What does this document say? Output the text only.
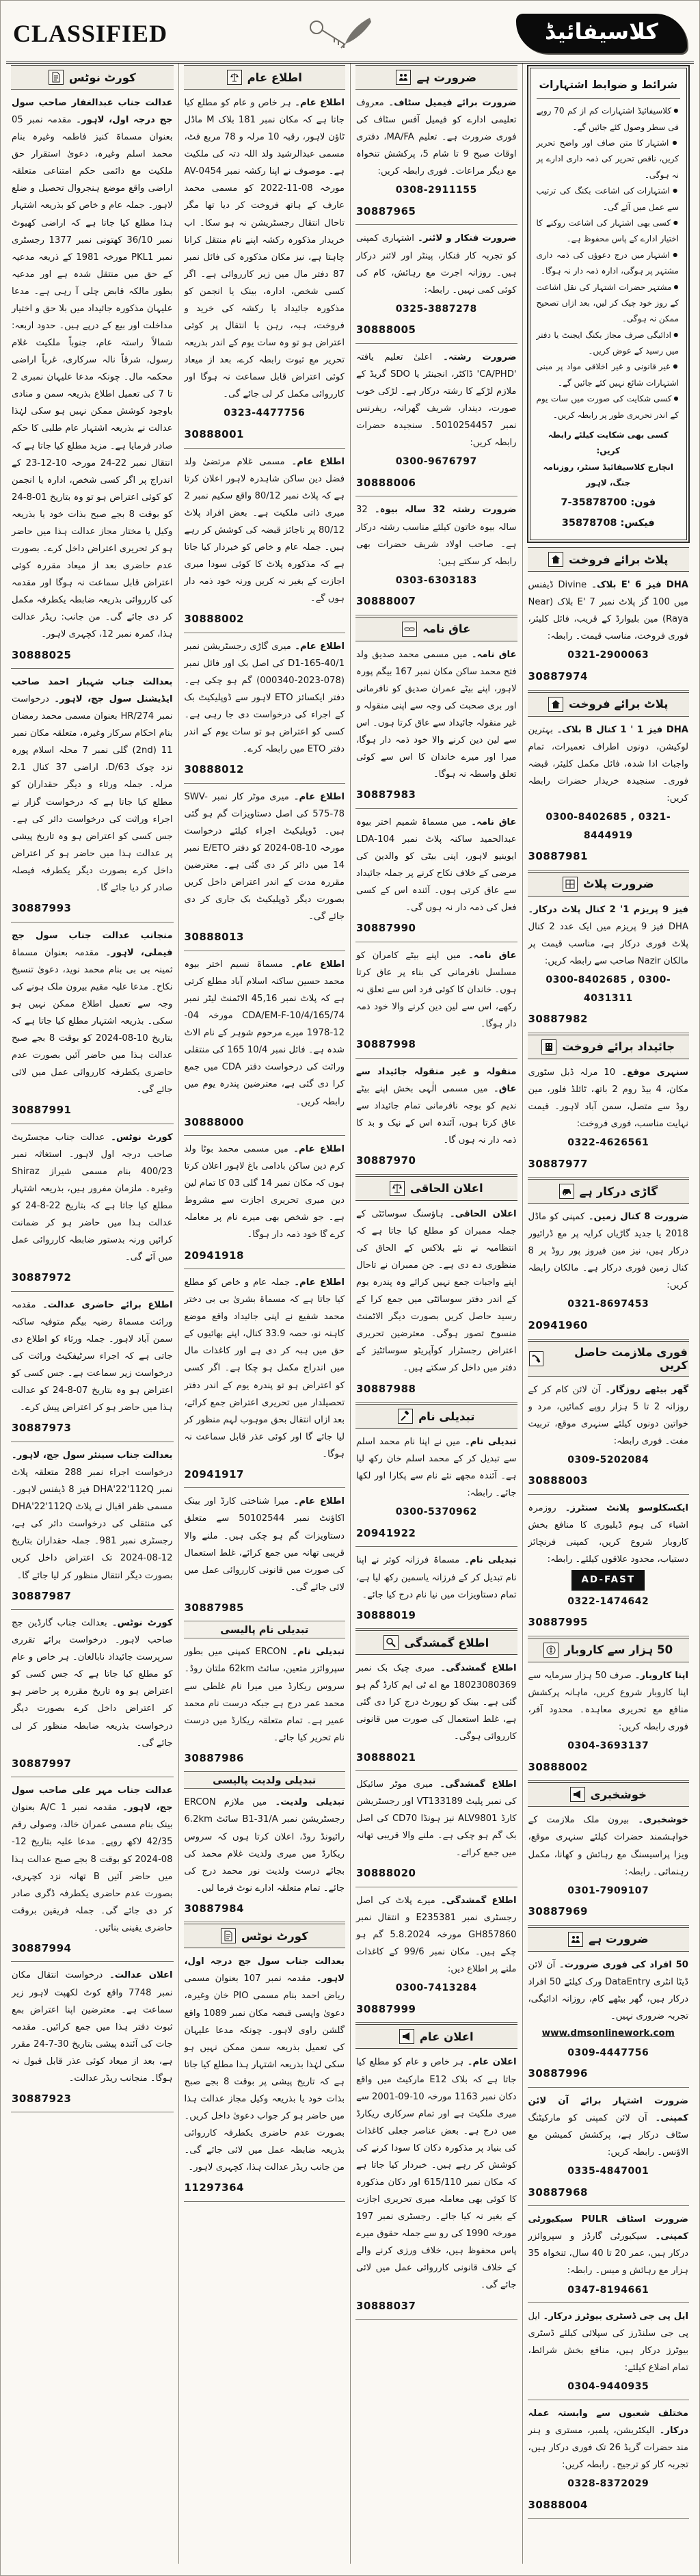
CLASSIFIED	کلاسیفائیڈ
کورٹ نوٹس

عدالت جناب عبدالغفار صاحب سول جج درجہ اول، لاہور۔ مقدمہ نمبر 05 بعنوان مسماۃ کنیز فاطمہ وغیرہ بنام محمد اسلم وغیرہ، دعویٰ استقرار حق ملکیت مع دائمی حکم امتناعی متعلقہ اراضی واقع موضع ہنجروال تحصیل و ضلع لاہور۔ جملہ عام و خاص کو بذریعہ اشتہار ہذا مطلع کیا جاتا ہے کہ اراضی کھیوٹ نمبر 36/10 کھتونی نمبر 1377 رجسٹری نمبر PKL1 مورخہ 1981 کے ذریعہ مدعیہ کے حق میں منتقل شدہ ہے اور مدعیہ بطور مالکہ قابض چلی آ رہی ہے۔ مدعا علیہان مذکورہ جائیداد میں بلا حق و اختیار مداخلت اور بیع کے درپے ہیں۔ حدود اربعہ: شمالاً راستہ عام، جنوباً ملکیت غلام رسول، شرقاً نالہ سرکاری، غرباً اراضی محکمہ مال۔ چونکہ مدعا علیہان نمبری 2 تا 7 کی تعمیل اطلاع بذریعہ سمن و منادی باوجود کوشش ممکن نہیں ہو سکی لہٰذا عدالت نے بذریعہ اشتہار عام طلبی کا حکم صادر فرمایا ہے۔ مزید مطلع کیا جاتا ہے کہ انتقال نمبر 22-24 مورخہ 10-12-23 کے اندراج پر اگر کسی شخص، ادارہ یا انجمن کو کوئی اعتراض ہو تو وہ بتاریخ 01-8-24 کو بوقت 8 بجے صبح بذات خود یا بذریعہ وکیل یا مختار مجاز عدالت ہذا میں حاضر ہو کر تحریری اعتراض داخل کرے۔ بصورت عدم حاضری بعد از میعاد مقررہ کوئی اعتراض قابل سماعت نہ ہوگا اور مقدمہ کی کارروائی بذریعہ ضابطہ یکطرفہ مکمل کر دی جائے گی۔ من جانب: ریڈر عدالت ہذا، کمرہ نمبر 12، کچہری لاہور۔

30888025

بعدالت جناب شہباز احمد صاحب ایڈیشنل سول جج، لاہور۔ درخواست نمبر 274/HR بعنوان مسمی محمد رمضان بنام احکام سرکار وغیرہ، متعلقہ مکان نمبر 11 (2nd) گلی نمبر 7 محلہ اسلام پورہ نزد چوک 63/D، اراضی 37 کنال 2،1 مرلہ۔ جملہ ورثاء و دیگر حقداران کو مطلع کیا جاتا ہے کہ درخواست گزار نے اجراء وراثت کی درخواست دائر کی ہے۔ جس کسی کو اعتراض ہو وہ تاریخ پیشی پر عدالت ہذا میں حاضر ہو کر اعتراض داخل کرے بصورت دیگر یکطرفہ فیصلہ صادر کر دیا جائے گا۔

30887993

منجانب عدالت جناب سول جج فیملی، لاہور۔ مقدمہ بعنوان مسماۃ ثمینہ بی بی بنام محمد نوید، دعویٰ تنسیخ نکاح۔ مدعا علیہ مقیم بیرون ملک ہونے کی وجہ سے تعمیل اطلاع ممکن نہیں ہو سکی۔ بذریعہ اشتہار مطلع کیا جاتا ہے کہ بتاریخ 10-08-2024 کو بوقت 8 بجے صبح عدالت ہذا میں حاضر آئیں بصورت عدم حاضری یکطرفہ کارروائی عمل میں لائی جائے گی۔

30887991

کورٹ نوٹس۔ عدالت جناب مجسٹریٹ صاحب درجہ اول لاہور۔ استغاثہ نمبر 400/23 بنام مسمی شیراز Shiraz وغیرہ۔ ملزمان مفرور ہیں، بذریعہ اشتہار مطلع کیا جاتا ہے کہ بتاریخ 22-8-24 کو عدالت ہذا میں حاضر ہو کر ضمانت کرائیں ورنہ بدستور ضابطہ کارروائی عمل میں آئے گی۔

30887972

اطلاع برائے حاضری عدالت۔ مقدمہ وراثت مسماۃ رضیہ بیگم متوفیہ ساکنہ سمن آباد لاہور۔ جملہ ورثاء کو اطلاع دی جاتی ہے کہ اجراء سرٹیفکیٹ وراثت کی درخواست زیر سماعت ہے۔ جس کسی کو اعتراض ہو وہ بتاریخ 07-8-24 کو عدالت ہذا میں حاضر ہو کر اعتراض پیش کرے۔

30887973

بعدالت جناب سینئر سول جج، لاہور۔ درخواست اجراء نمبر 288 متعلقہ پلاٹ نمبر DHA'22'112Q فیز 8 ڈیفنس لاہور۔ مسمی ظفر اقبال نے پلاٹ DHA'22'112Q کی منتقلی کی درخواست دائر کی ہے، رجسٹری نمبر 981۔ جملہ حقداران بتاریخ 12-08-2024 تک اعتراض داخل کریں بصورت دیگر انتقال منظور کر لیا جائے گا۔

30887987

کورٹ نوٹس۔ بعدالت جناب گارڈین جج صاحب لاہور۔ درخواست برائے تقرری سرپرست جائیداد نابالغان۔ ہر خاص و عام کو مطلع کیا جاتا ہے کہ جس کسی کو اعتراض ہو وہ تاریخ مقررہ پر حاضر ہو کر اعتراض داخل کرے بصورت دیگر درخواست بذریعہ ضابطہ منظور کر لی جائے گی۔

30887997

عدالت جناب مہر علی صاحب سول جج، لاہور۔ مقدمہ نمبر A/C 1 بعنوان بینک بنام مسمی عمران خالد، وصولی رقم 42/35 لاکھ روپے۔ مدعا علیہ بتاریخ 12-08-2024 کو بوقت 8 بجے صبح عدالت ہذا میں حاضر آئیں B تھانہ نزد کچہری، بصورت عدم حاضری یکطرفہ ڈگری صادر کر دی جائے گی۔ جملہ فریقین بروقت حاضری یقینی بنائیں۔

30887994

اعلان عدالت۔ درخواست انتقال مکان نمبر 7748 واقع کوٹ لکھپت لاہور زیر سماعت ہے۔ معترضین اپنا اعتراض بمع ثبوت دفتر ہذا میں جمع کرائیں۔ مقدمہ جات کی آئندہ پیشی بتاریخ 30-7-24 مقرر ہے، بعد از میعاد کوئی عذر قابل قبول نہ ہوگا۔ منجانب ریڈر عدالت۔

30887923
اطلاع عام

اطلاع عام۔ ہر خاص و عام کو مطلع کیا جاتا ہے کہ مکان نمبر 181 بلاک M ماڈل ٹاؤن لاہور، رقبہ 10 مرلہ و 78 مربع فٹ، مسمی عبدالرشید ولد اللہ دتہ کی ملکیت ہے۔ موصوف نے اپنا رکشہ نمبر AV-0454 مورخہ 08-11-2022 کو مسمی محمد عارف کے ہاتھ فروخت کر دیا تھا مگر تاحال انتقال رجسٹریشن نہ ہو سکا۔ اب خریدار مذکورہ رکشہ اپنے نام منتقل کرانا چاہتا ہے، نیز مکان مذکورہ کی فائل نمبر 87 دفتر مال میں زیر کارروائی ہے۔ اگر کسی شخص، ادارہ، بینک یا انجمن کو مذکورہ جائیداد یا رکشہ کی خرید و فروخت، ہبہ، رہن یا انتقال پر کوئی اعتراض ہو تو وہ سات یوم کے اندر بذریعہ تحریر مع ثبوت رابطہ کرے، بعد از میعاد کوئی اعتراض قابل سماعت نہ ہوگا اور کارروائی مکمل کر لی جائے گی۔

0323-4477756
30888001

اطلاع عام۔ مسمی غلام مرتضیٰ ولد فضل دین ساکن شاہدرہ لاہور اعلان کرتا ہے کہ پلاٹ نمبر 80/12 واقع سکیم نمبر 2 میری ذاتی ملکیت ہے۔ بعض افراد پلاٹ 80/12 پر ناجائز قبضہ کی کوشش کر رہے ہیں۔ جملہ عام و خاص کو خبردار کیا جاتا ہے کہ مذکورہ پلاٹ کا کوئی سودا میری اجازت کے بغیر نہ کریں ورنہ خود ذمہ دار ہوں گے۔

30888002

اطلاع عام۔ میری گاڑی رجسٹریشن نمبر D1-165-40/1 کی اصل بک اور فائل نمبر (078-2023-000340) گم ہو چکی ہے۔ دفتر ایکسائز ETO لاہور سے ڈوپلیکیٹ بک کے اجراء کی درخواست دی جا رہی ہے۔ کسی کو اعتراض ہو تو سات یوم کے اندر دفتر ETO میں رابطہ کرے۔

30888012

اطلاع عام۔ میری موٹر کار نمبر SWV-575-78 کی اصل دستاویزات گم ہو گئی ہیں۔ ڈوپلیکیٹ اجراء کیلئے درخواست مورخہ 10-08-2024 کو دفتر E/ETO نمبر 14 میں دائر کر دی گئی ہے۔ معترضین مقررہ مدت کے اندر اعتراض داخل کریں بصورت دیگر ڈوپلیکیٹ بک جاری کر دی جائے گی۔

30888013

اطلاع عام۔ مسماۃ نسیم اختر بیوہ محمد حسین ساکنہ اسلام آباد مطلع کرتی ہے کہ پلاٹ نمبر 45,16 الاٹمنٹ لیٹر نمبر CDA/EM-F-10/4/165/74 مورخہ 04-12-1978 میرے مرحوم شوہر کے نام الاٹ شدہ ہے۔ فائل نمبر 10/4 165 کی منتقلی وراثت کی درخواست دفتر CDA میں جمع کرا دی گئی ہے، معترضین پندرہ یوم میں رابطہ کریں۔

30888000

اطلاع عام۔ میں مسمی محمد بوٹا ولد کرم دین ساکن بادامی باغ لاہور اعلان کرتا ہوں کہ مکان نمبر 14 گلی 03 کا تمام لین دین میری تحریری اجازت سے مشروط ہے۔ جو شخص بھی میرے نام پر معاملہ کرے گا خود ذمہ دار ہوگا۔

20941918

اطلاع عام۔ جملہ عام و خاص کو مطلع کیا جاتا ہے کہ مسماۃ بشریٰ بی بی دختر محمد شفیع نے اپنی جائیداد واقع موضع کاہنہ نو، حصہ 33.9 کنال، اپنے بھائیوں کے حق میں ہبہ کر دی ہے اور کاغذات مال میں اندراج مکمل ہو چکا ہے۔ اگر کسی کو اعتراض ہو تو پندرہ یوم کے اندر دفتر تحصیلدار میں تحریری اعتراض جمع کرائے، بعد ازاں انتقال بحق موہوب لہم منظور کر لیا جائے گا اور کوئی عذر قابل سماعت نہ ہوگا۔

20941917

اطلاع عام۔ میرا شناختی کارڈ اور بینک اکاؤنٹ نمبر 50102544 سے متعلق دستاویزات گم ہو چکی ہیں۔ ملنے والا قریبی تھانہ میں جمع کرائے، غلط استعمال کی صورت میں قانونی کارروائی عمل میں لائی جائے گی۔

30887985
تبدیلی نام پالیسی

تبدیلی نام۔ ERCON کمپنی میں بطور سپروائزر متعین، سائٹ 62km ملتان روڈ۔ سروس ریکارڈ میں میرا نام غلطی سے محمد عمر درج ہے جبکہ درست نام محمد عمیر ہے۔ تمام متعلقہ ریکارڈ میں درست نام تحریر کیا جائے۔

30887986
تبدیلی ولدیت پالیسی

تبدیلی ولدیت۔ میں ملازم ERCON رجسٹریشن نمبر B1-31/A سائٹ 6.2km رائیونڈ روڈ، اعلان کرتا ہوں کہ سروس ریکارڈ میں میری ولدیت غلام محمد کی بجائے درست ولدیت نور محمد درج کی جائے۔ تمام متعلقہ ادارے نوٹ فرما لیں۔

30887984
کورٹ نوٹس

بعدالت جناب سول جج درجہ اول، لاہور۔ مقدمہ نمبر 107 بعنوان مسمی ریاض احمد بنام مسمی PIO خان وغیرہ، دعویٰ واپسی قبضہ مکان نمبر 1089 واقع گلشن راوی لاہور۔ چونکہ مدعا علیہان کی تعمیل بذریعہ سمن ممکن نہیں ہو سکی لہٰذا بذریعہ اشتہار ہذا مطلع کیا جاتا ہے کہ تاریخ پیشی پر بوقت 8 بجے صبح بذات خود یا بذریعہ وکیل مجاز عدالت ہذا میں حاضر ہو کر جواب دعویٰ داخل کریں۔ بصورت عدم حاضری یکطرفہ کارروائی بذریعہ ضابطہ عمل میں لائی جائے گی۔ من جانب ریڈر عدالت ہذا، کچہری لاہور۔

11297364
ضرورت ہے

ضرورت برائے فیمیل سٹاف۔ معروف تعلیمی ادارے کو فیمیل آفس سٹاف کی فوری ضرورت ہے۔ تعلیم MA/FA، دفتری اوقات صبح 9 تا شام 5، پرکشش تنخواہ مع دیگر مراعات۔ فوری رابطہ کریں:

0308-2911155
30887965

ضرورت فنکار و لائنر۔ اشتہاری کمپنی کو تجربہ کار فنکار، پینٹر اور لائنر درکار ہیں۔ روزانہ اجرت مع رہائش، کام کی کوئی کمی نہیں۔ رابطہ:

0325-3887278
30888005

ضرورت رشتہ۔ اعلیٰ تعلیم یافتہ 'CA/PHD' ڈاکٹر، انجینئر یا SDO گریڈ کے ملازم لڑکے کا رشتہ درکار ہے۔ لڑکی خوب صورت، دیندار، شریف گھرانہ، ریفرنس نمبر 5010254457۔ سنجیدہ حضرات رابطہ کریں:

0300-9676797
30888006

ضرورت رشتہ 32 سالہ بیوہ۔ 32 سالہ بیوہ خاتون کیلئے مناسب رشتہ درکار ہے۔ صاحب اولاد شریف حضرات بھی رابطہ کر سکتے ہیں:

0303-6303183
30888007
عاق نامہ

عاق نامہ۔ میں مسمی محمد صدیق ولد فتح محمد ساکن مکان نمبر 167 بیگم پورہ لاہور، اپنے بیٹے عمران صدیق کو نافرمانی اور بری صحبت کی وجہ سے اپنی منقولہ و غیر منقولہ جائیداد سے عاق کرتا ہوں۔ اس سے لین دین کرنے والا خود ذمہ دار ہوگا، میرا اور میرے خاندان کا اس سے کوئی تعلق واسطہ نہ ہوگا۔

30887983

عاق نامہ۔ میں مسماۃ شمیم اختر بیوہ عبدالحمید ساکنہ پلاٹ نمبر 104-LDA ایوینیو لاہور، اپنی بیٹی کو والدین کی مرضی کے خلاف نکاح کرنے پر جملہ جائیداد سے عاق کرتی ہوں۔ آئندہ اس کے کسی فعل کی ذمہ دار نہ ہوں گی۔

30887990

عاق نامہ۔ میں اپنے بیٹے کامران کو مسلسل نافرمانی کی بناء پر عاق کرتا ہوں۔ خاندان کا کوئی فرد اس سے تعلق نہ رکھے، اس سے لین دین کرنے والا خود ذمہ دار ہوگا۔

30887998

منقولہ و غیر منقولہ جائیداد سے عاق۔ میں مسمی الٰہی بخش اپنے بیٹے ندیم کو بوجہ نافرمانی تمام جائیداد سے عاق کرتا ہوں، آئندہ اس کے نیک و بد کا ذمہ دار نہ ہوں گا۔

30887970
اعلان الحاقی

اعلان الحاقی۔ ہاؤسنگ سوسائٹی کے جملہ ممبران کو مطلع کیا جاتا ہے کہ انتظامیہ نے نئے بلاکس کے الحاق کی منظوری دے دی ہے۔ جن ممبران نے تاحال اپنے واجبات جمع نہیں کرائے وہ پندرہ یوم کے اندر دفتر سوسائٹی میں جمع کرا کے رسید حاصل کریں بصورت دیگر الاٹمنٹ منسوخ تصور ہوگی۔ معترضین تحریری اعتراض رجسٹرار کوآپریٹو سوسائٹیز کے دفتر میں داخل کر سکتے ہیں۔

30887988
تبدیلی نام

تبدیلی نام۔ میں نے اپنا نام محمد اسلم سے تبدیل کر کے محمد اسلم خان رکھ لیا ہے۔ آئندہ مجھے نئے نام سے پکارا اور لکھا جائے۔ رابطہ:

0300-5370962
20941922

تبدیلی نام۔ مسماۃ فرزانہ کوثر نے اپنا نام تبدیل کر کے فرزانہ یاسمین رکھ لیا ہے، تمام دستاویزات میں نیا نام درج کیا جائے۔

30888019
اطلاع گمشدگی

اطلاع گمشدگی۔ میری چیک بک نمبر 18023080369 مع اے ٹی ایم کارڈ گم ہو گئی ہے۔ بینک کو رپورٹ درج کرا دی گئی ہے، غلط استعمال کی صورت میں قانونی کارروائی ہوگی۔

30888021

اطلاع گمشدگی۔ میری موٹر سائیکل کی نمبر پلیٹ VT133189 اور رجسٹریشن کارڈ ALV9801 نیز ہونڈا CD70 کی اصل بک گم ہو چکی ہے۔ ملنے والا قریبی تھانہ میں جمع کرائے۔

30888020

اطلاع گمشدگی۔ میرے پلاٹ کی اصل رجسٹری نمبر E235381 و انتقال نمبر GH857860 مورخہ 5.8.2024 گم ہو چکے ہیں۔ مکان نمبر 99/6 کے کاغذات ملنے پر اطلاع دیں:

0300-7413284
30887999
اعلان عام

اعلان عام۔ ہر خاص و عام کو مطلع کیا جاتا ہے کہ بلاک E12 مارکیٹ میں واقع دکان نمبر 1163 مورخہ 10-09-2001 سے میری ملکیت ہے اور تمام سرکاری ریکارڈ میں درج ہے۔ بعض عناصر جعلی کاغذات کی بنیاد پر مذکورہ دکان کا سودا کرنے کی کوشش کر رہے ہیں۔ خبردار کیا جاتا ہے کہ مکان نمبر 615/110 اور دکان مذکورہ کا کوئی بھی معاملہ میری تحریری اجازت کے بغیر نہ کیا جائے۔ رجسٹری نمبر 197 مورخہ 1990 کی رو سے جملہ حقوق میرے پاس محفوظ ہیں، خلاف ورزی کرنے والے کے خلاف قانونی کارروائی عمل میں لائی جائے گی۔

30888037
شرائط و ضوابط اشتہارات
● کلاسیفائیڈ اشتہارات کم از کم 70 روپے فی سطر وصول کئے جائیں گے۔
● اشتہار کا متن صاف اور واضح تحریر کریں، ناقص تحریر کی ذمہ داری ادارے پر نہ ہوگی۔
● اشتہارات کی اشاعت بکنگ کی ترتیب سے عمل میں آئے گی۔
● کسی بھی اشتہار کی اشاعت روکنے کا اختیار ادارے کے پاس محفوظ ہے۔
● اشتہار میں درج دعوؤں کی ذمہ داری مشتہر پر ہوگی، ادارہ ذمہ دار نہ ہوگا۔
● مشتہر حضرات اشتہار کی نقل اشاعت کے روز خود چیک کر لیں، بعد ازاں تصحیح ممکن نہ ہوگی۔
● ادائیگی صرف مجاز بکنگ ایجنٹ یا دفتر میں رسید کے عوض کریں۔
● غیر قانونی و غیر اخلاقی مواد پر مبنی اشتہارات شائع نہیں کئے جائیں گے۔
● کسی شکایت کی صورت میں سات یوم کے اندر تحریری طور پر رابطہ کریں۔
کسی بھی شکایت کیلئے رابطہ کریں:
انچارج کلاسیفائیڈ سنٹر، روزنامہ جنگ، لاہور
فون: 35878700-7
فیکس: 35878708
پلاٹ برائے فروخت

DHA فیز 6 'E بلاک۔ Divine ڈیفنس میں 100 گز پلاٹ نمبر 7 'E بلاک (Near Raya) مین بلیوارڈ کے قریب، فائل کلیئر، فوری فروخت، مناسب قیمت۔ رابطہ:

0321-2900063
30887974
پلاٹ برائے فروخت

DHA فیز 1 ' 1 کنال B بلاک۔ بہترین لوکیشن، دونوں اطراف تعمیرات، تمام واجبات ادا شدہ، فائل مکمل کلیئر، قبضہ فوری۔ سنجیدہ خریدار حضرات رابطہ کریں:

0300-8402685 , 0321-8444919
30887981
ضرورت پلاٹ

فیز 9 پریزم 1' 2 کنال پلاٹ درکار۔ DHA فیز 9 پریزم میں ایک عدد 2 کنال پلاٹ فوری درکار ہے، مناسب قیمت پر مالکان Nazir صاحب سے رابطہ کریں:

0300-8402685 , 0300-4031311
30887982
جائیداد برائے فروخت

سنہری موقع۔ 10 مرلہ ڈبل سٹوری مکان، 4 بیڈ روم 2 باتھ، ٹائلڈ فلور، مین روڈ سے متصل، سمن آباد لاہور۔ قیمت نہایت مناسب، فوری فروخت:

0322-4626561
30887977
گاڑی درکار ہے

ضرورت 8 کنال زمین۔ کمپنی کو ماڈل 2018 یا جدید گاڑیاں کرایہ پر مع ڈرائیور درکار ہیں، نیز مین فیروز پور روڈ پر 8 کنال زمین فوری درکار ہے۔ مالکان رابطہ کریں:

0321-8697453
20941960
فوری ملازمت حاصل کریں

گھر بیٹھے روزگار۔ آن لائن کام کر کے روزانہ 2 تا 5 ہزار روپے کمائیں، مرد و خواتین دونوں کیلئے سنہری موقع، تربیت مفت۔ فوری رابطہ:

0309-5202084
30888003

ایکسکلوسو پلانٹ سنٹرز۔ روزمرہ اشیاء کی ہوم ڈیلیوری کا منافع بخش کاروبار شروع کریں، کمپنی فرنچائز دستیاب، محدود علاقوں کیلئے۔ رابطہ:

AD-FAST
0322-1474642
30887995
50 ہزار سے کاروبار

اپنا کاروبار۔ صرف 50 ہزار سرمایہ سے اپنا کاروبار شروع کریں، ماہانہ پرکشش منافع مع تحریری معاہدہ۔ محدود آفر، فوری رابطہ کریں:

0304-3693137
30888002
خوشخبری

خوشخبری۔ بیرون ملک ملازمت کے خواہشمند حضرات کیلئے سنہری موقع، ویزا پراسیسنگ مع رہائش و کھانا، مکمل رہنمائی۔ رابطہ:

0301-7909107
30887969
ضرورت ہے

50 افراد کی فوری ضرورت۔ آن لائن ڈیٹا انٹری DataEntry ورک کیلئے 50 افراد درکار ہیں، گھر بیٹھے کام، روزانہ ادائیگی، تجربہ ضروری نہیں۔

www.dmsonlinework.com
0309-4447756
30887996

ضرورت اشتہار برائے آن لائن کمپنی۔ آن لائن کمپنی کو مارکیٹنگ سٹاف درکار ہے، پرکشش کمیشن مع الاؤنس۔ رابطہ کریں:

0335-4847001
30887968

ضرورت اسٹاف PULR سیکیورٹی کمپنی۔ سیکیورٹی گارڈز و سپروائزر درکار ہیں، عمر 20 تا 40 سال، تنخواہ 35 ہزار مع رہائش و میس۔ رابطہ:

0347-8194661

ایل پی جی ڈسٹری بیوٹرز درکار۔ ایل پی جی سلنڈرز کی سپلائی کیلئے ڈسٹری بیوٹرز درکار ہیں، منافع بخش شرائط، تمام اضلاع کیلئے:

0304-9440935

مختلف شعبوں سے وابستہ عملہ درکار۔ الیکٹریشن، پلمبر، مستری و ہنر مند حضرات گریڈ 26 تک فوری درکار ہیں، تجربہ کار کو ترجیح۔ رابطہ کریں:

0328-8372029
30888004
